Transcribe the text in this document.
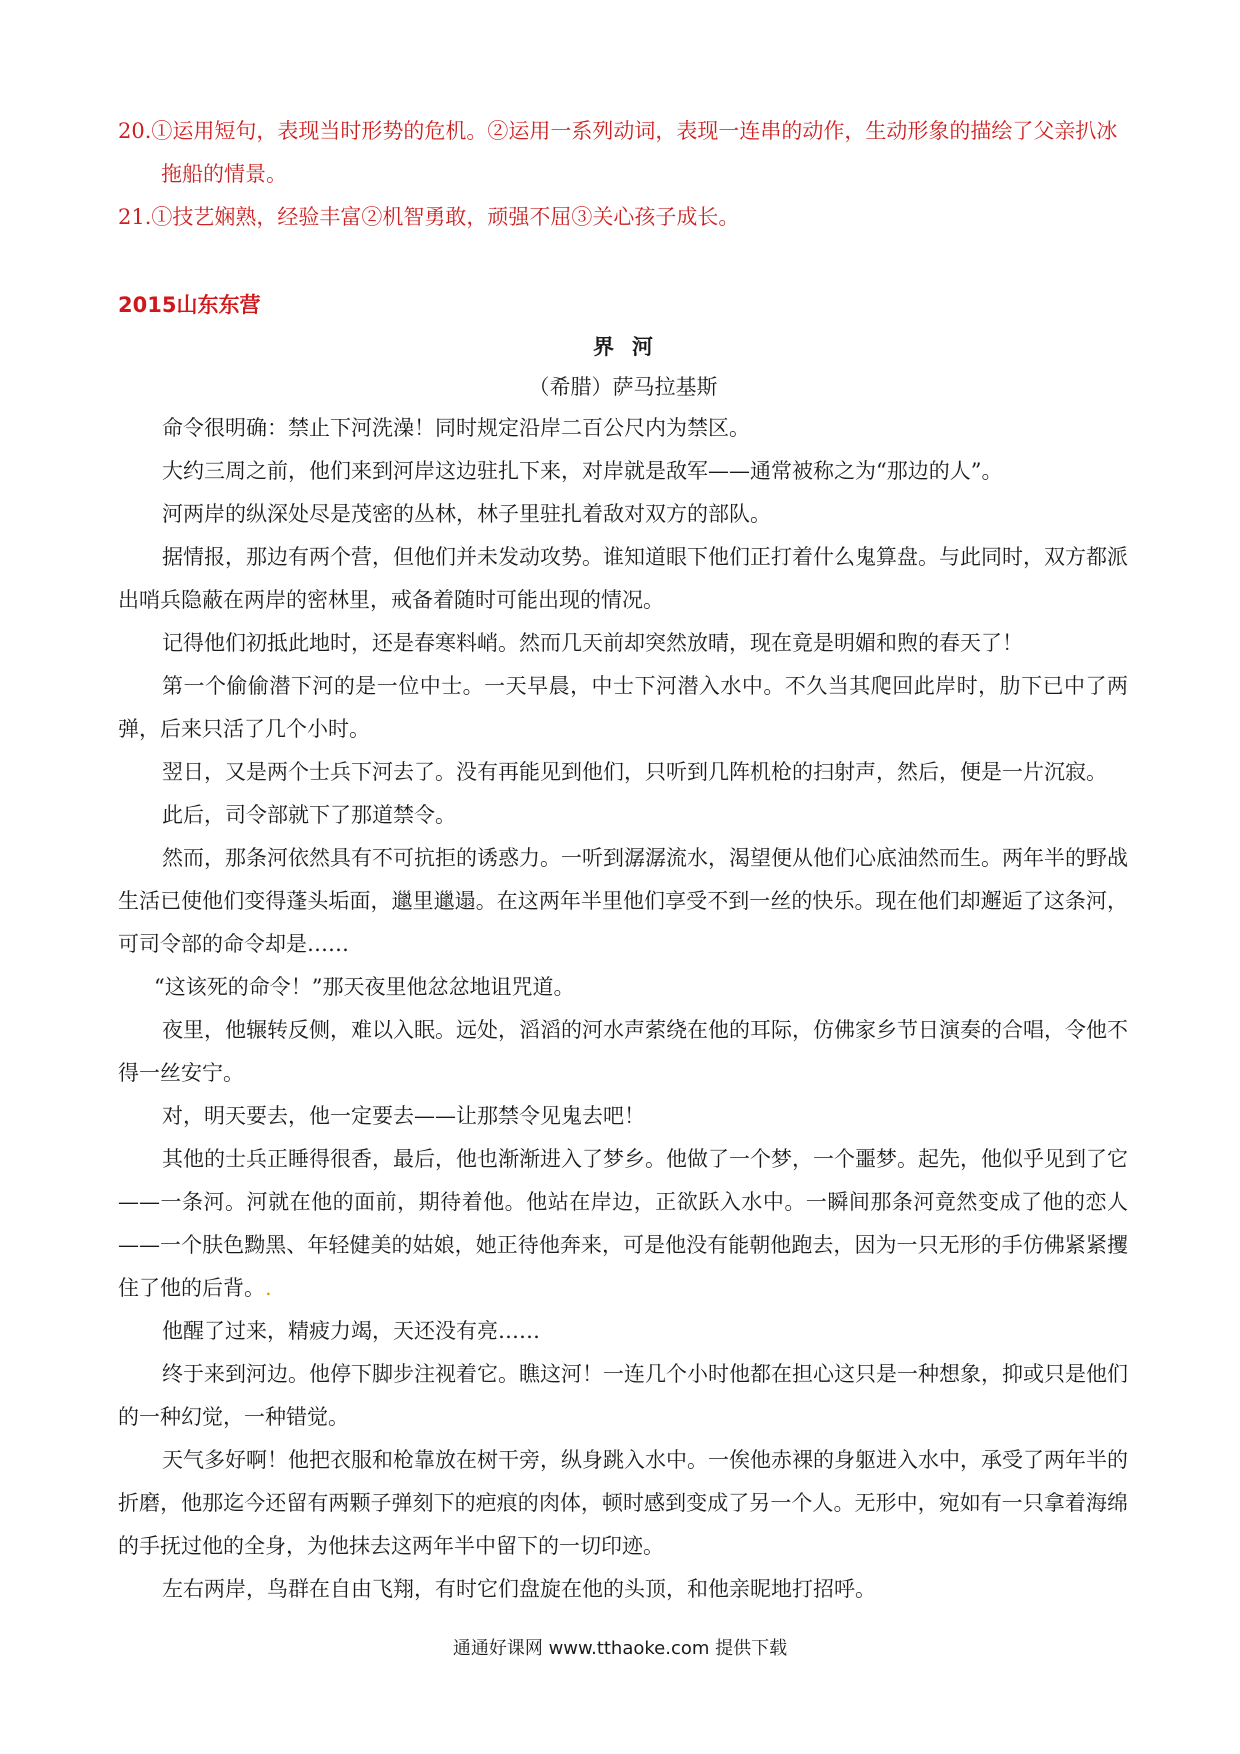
20.①运用短句，表现当时形势的危机。②运用一系列动词，表现一连串的动作，生动形象的描绘了父亲扒冰拖船的情景。

21.①技艺娴熟，经验丰富②机智勇敢，顽强不屈③关心孩子成长。

2015山东东营
界河

（希腊）萨马拉基斯

命令很明确：禁止下河洗澡！同时规定沿岸二百公尺内为禁区。

大约三周之前，他们来到河岸这边驻扎下来，对岸就是敌军——通常被称之为“那边的人”。

河两岸的纵深处尽是茂密的丛林，林子里驻扎着敌对双方的部队。

据情报，那边有两个营，但他们并未发动攻势。谁知道眼下他们正打着什么鬼算盘。与此同时，双方都派出哨兵隐蔽在两岸的密林里，戒备着随时可能出现的情况。

记得他们初抵此地时，还是春寒料峭。然而几天前却突然放晴，现在竟是明媚和煦的春天了！

第一个偷偷潜下河的是一位中士。一天早晨，中士下河潜入水中。不久当其爬回此岸时，肋下已中了两弹，后来只活了几个小时。

翌日，又是两个士兵下河去了。没有再能见到他们，只听到几阵机枪的扫射声，然后，便是一片沉寂。

此后，司令部就下了那道禁令。

然而，那条河依然具有不可抗拒的诱惑力。一听到潺潺流水，渴望便从他们心底油然而生。两年半的野战生活已使他们变得蓬头垢面，邋里邋遢。在这两年半里他们享受不到一丝的快乐。现在他们却邂逅了这条河，可司令部的命令却是……

“这该死的命令！”那天夜里他忿忿地诅咒道。

夜里，他辗转反侧，难以入眠。远处，滔滔的河水声萦绕在他的耳际，仿佛家乡节日演奏的合唱，令他不得一丝安宁。

对，明天要去，他一定要去——让那禁令见鬼去吧！

其他的士兵正睡得很香，最后，他也渐渐进入了梦乡。他做了一个梦，一个噩梦。起先，他似乎见到了它——一条河。河就在他的面前，期待着他。他站在岸边，正欲跃入水中。一瞬间那条河竟然变成了他的恋人——一个肤色黝黑、年轻健美的姑娘，她正待他奔来，可是他没有能朝他跑去，因为一只无形的手仿佛紧紧攫住了他的后背。.

他醒了过来，精疲力竭，天还没有亮……

终于来到河边。他停下脚步注视着它。瞧这河！一连几个小时他都在担心这只是一种想象，抑或只是他们的一种幻觉，一种错觉。

天气多好啊！他把衣服和枪靠放在树干旁，纵身跳入水中。一俟他赤裸的身躯进入水中，承受了两年半的折磨，他那迄今还留有两颗子弹刻下的疤痕的肉体，顿时感到变成了另一个人。无形中，宛如有一只拿着海绵的手抚过他的全身，为他抹去这两年半中留下的一切印迹。

左右两岸，鸟群在自由飞翔，有时它们盘旋在他的头顶，和他亲昵地打招呼。

通通好课网 www.tthaoke.com 提供下载
